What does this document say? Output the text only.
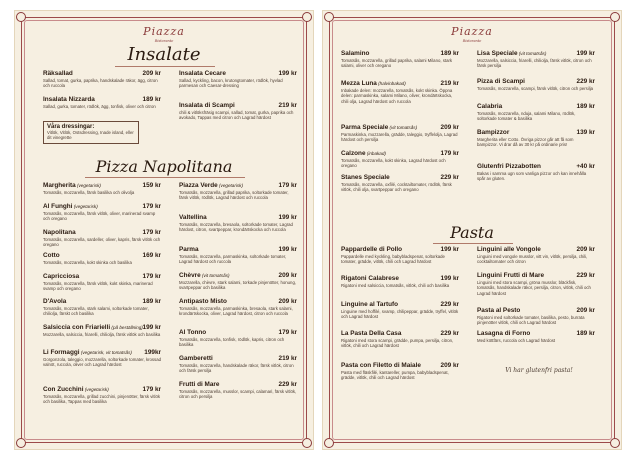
Piazza
Ristorante
Insalate
Räksallad	209 kr
Sallad, tomat, gurka, paprika, handskalade räkor, ägg, citron och ruccola
Insalata Nizzarda	189 kr
Sallad, gurka, tomater, rödlök, ägg, tonfisk, oliver och citron
Insalata Cecare	199 kr
Sallad, kyckling, bacon, krutongtomater, rödlök, hyvlad parmesan och Caesar-dressing
Insalata di Scampi	219 kr
chili & vitlöksfräsig scampi, sallad, tomat, gurka, paprika och avokado, Tappas med citron och Lagrad härdost
Våra dressingar:
Vitlök, Vitlök, Ostsdressing, Inade island, eller dit vinegrette
Pizza Napolitana
Margherita (vegetarisk)	159 kr
Tomatsås, mozzarella, färsk basilika och olivolja
Al Funghi (vegetarisk)	179 kr
Tomatsås, mozzarella, färsk vitlök, oliver, marinerad svamp och oregano
Napolitana	179 kr
Tomatsås, mozzarella, sardeller, oliver, kapris, färsk vitlök och oregano
Cotto	169 kr
Tomatsås, mozzarella, kokt skinka och basilika
Capricciosa	179 kr
Tomatsås, mozzarella, färsk vitlök, kokt skinka, marinerad svamp och oregano
D'Avola	189 kr
Tomatsås, mozzarella, stark salami, soltorkade tomater, chiliolja, färskt och basilika
Salsiccia con Friarielli (på beställning) 199 kr
Mozzarella, salsiccia, friarelli, chiliolja, färsk vitlök och basilika
Li Formaggi (vegetarisk, vit tomatsås) 199kr
Gorgonzola, taleggio, mozzarella, soltorkade tomater, krossad valnöt, ruccola, oliver och Lagrad härdost
Con Zucchini (vegetarisk)	179 kr
Tomatsås, mozzarella, grillad zucchini, pinjenötter, färsk vitlök och basilika, Tappas med basilika
Piazza Verde (vegetarisk)	179 kr
Tomatsås, mozzarella, grillad paprika, soltorkade tomater, färsk vitlök, rödlök, Lagrad härdost och ruccola
Valtellina	199 kr
Tomatsås, mozzarella, bresaola, soltorkade tomater, Lagrad härdost, citron, svartpeppar, krondärtskocka och ruccola
Parma	199 kr
Tomatsås, mozzarella, parmaskinka, soltorkade tomater, Lagrad härdost och ruccola
Chèvre (vit tomatsås)	209 kr
Mozzarella, chèvre, stark salami, torkade pinjenötter, honung, svartpeppar och basilika
Antipasto Misto	209 kr
Tomatsås, mozzarella, parmaskinka, bresaola, stark salami, krondärtskocka, oliver, Lagrad härdost, citron och ruccola
Al Tonno	179 kr
Tomatsås, mozzarella, tonfisk, rödlök, kapris, citron och basilika
Gamberetti	219 kr
Tomatsås, mozzarella, handskalade räkor, färsk vitlök, citron och färsk persilja
Frutti di Mare	229 kr
Tomatsås, mozzarella, musslor, scampi, calamari, färsk vitlök, citron och persilja
Piazza
Ristorante
Salamino	189 kr
Tomatsås, mozzarella, grillad paprika, salami Milano, stark salami, oliver och oregano
Mezza Luna (halvinbakad)	219 kr
Inbakade delen: mozzarella, tomatsås, kokt skinka. Öppna delen: parmaskinka, salami Milano, oliver, krondärtskocka, chili olja, Lagrad härdost och ruccola
Parma Speciale (vit tomatsås)	209 kr
Parmaskinka, mozzarella, grädde, taleggio, tryffelolja, Lagrad härdost och persilja
Calzone (inbakad)	179 kr
Tomatsås, mozzarella, kokt skinka, Lagrad härdost och oregano
Stanes Speciale	229 kr
Tomatsås, mozzarella, oxfilé, cocktailtomater, rödlök, färsk vitlök, chili olja, svartpeppar och oregano
Lisa Speciale (vit tomatsås)	199 kr
Mozzarella, salsiccia, friarelli, chiliolja, färsk vitlök, citron och färsk persilja
Pizza di Scampi	229 kr
Tomatsås, mozzarella, scampi, färsk vitlök, citron och persilja
Calabria	189 kr
Tomatsås, mozzarella, nduja, salami Milano, rödlök, soltorkade tomater & basilika
Bampizzor	139 kr
Margherita eller Cotto. Övriga pizzor går att få som bampizzor. Vi drar då av 30 kr på ordinarie pris!
Glutenfri Pizzabotten	+40 kr
Bakas i samma ugn som vanliga pizzor och kan innehålla spår av gluten.
Pasta
Pappardelle di Pollo	199 kr
Pappardelle med kyckling, babybladspenat, soltorkade tomater, grädde, vitlök, chili och Lagrad härdost
Rigatoni Calabrese	199 kr
Rigatoni med salsiccia, tomatsås, vitlök, chili och basilika
Linguine al Tartufo	229 kr
Linguine med hoffilé, svamp, chilipeppar, grädde, tryffel, vitlök och Lagrad härdost
La Pasta Della Casa	229 kr
Rigatoni med stora scampi, grädde, pumpa, persilja, citron, vitlök, chili och Lagrad härdost
Pasta con Filetto di Maiale	209 kr
Pasta med fläskfilé, kantareller, pumpa, babybladspenat, grädde, vitlök, chili och Lagrad härdost
Linguini alle Vongole	209 kr
Linguini med vongole musslor, vitt vin, vitlök, persilja, chili, cocktailtomater och citron
Linguini Frutti di Mare	229 kr
Linguini med stora scampi, gröna musslor, bläckfisk, tomatsås, handskalade räkor, persilja, citron, vitlök, chili och Lagrad härdost
Pasta al Pesto	209 kr
Rigatoni med soltorkade tomater, basilika, pesto, burrata pinjenötter vitlök, chili och Lagrad härdost
Lasagna di Forno	189 kr
Med köttfärs, ruccola och Lagrad härdost
Vi har glutenfri pasta!
